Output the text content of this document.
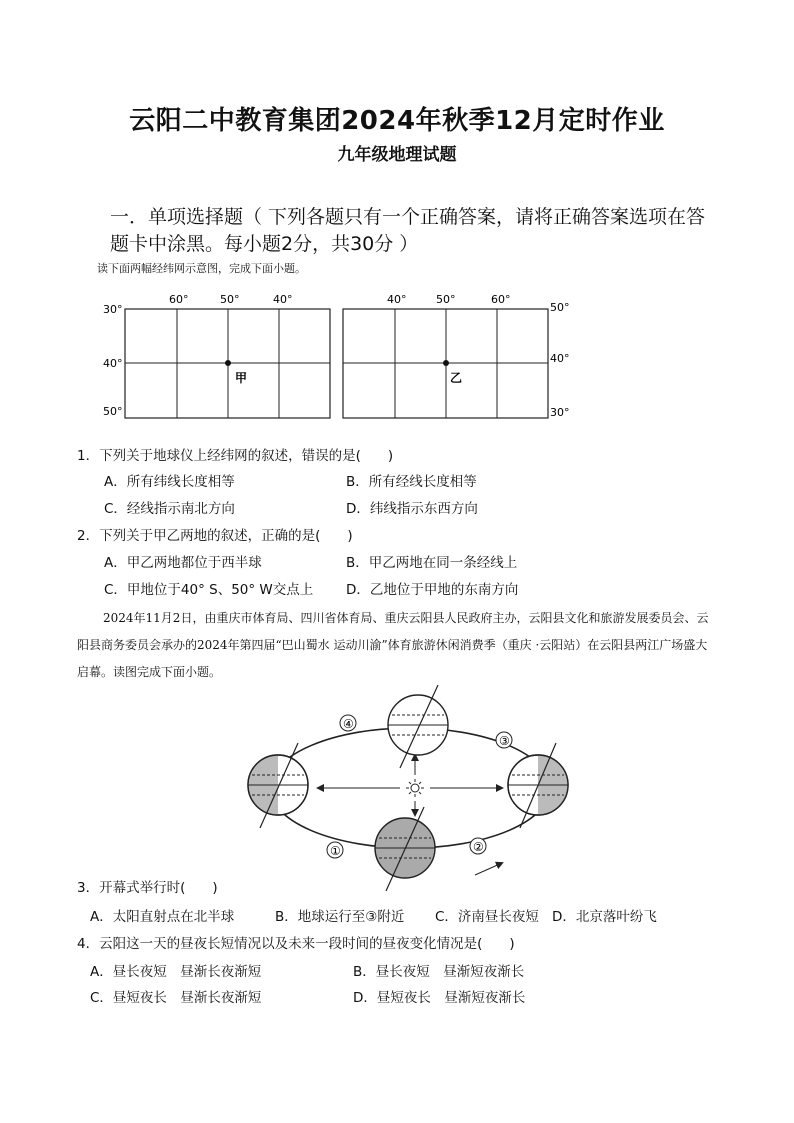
云阳二中教育集团2024年秋季12月定时作业
九年级地理试题
一．单项选择题（ 下列各题只有一个正确答案，请将正确答案选项在答题卡中涂黑。每小题2分，共30分 ）
读下面两幅经纬网示意图，完成下面小题。
60°	50°	40°
30°
40°
50°
甲
40°	50°	60°
50°
40°
30°
乙
1．下列关于地球仪上经纬网的叙述，错误的是(　　)
A．所有纬线长度相等	B．所有经线长度相等
C．经线指示南北方向	D．纬线指示东西方向
2．下列关于甲乙两地的叙述，正确的是(　　)
A．甲乙两地都位于西半球	B．甲乙两地在同一条经线上
C．甲地位于40° S、50° W交点上 D．乙地位于甲地的东南方向
2024年11月2日，由重庆市体育局、四川省体育局、重庆云阳县人民政府主办，云阳县文化和旅游发展委员会、云阳县商务委员会承办的2024年第四届“巴山蜀水 运动川渝”体育旅游休闲消费季（重庆 ·云阳站）在云阳县两江广场盛大启幕。读图完成下面小题。
④
③
②
①
3．开幕式举行时(　　)
A．太阳直射点在北半球	B．地球运行至③附近 C．济南昼长夜短 D．北京落叶纷飞
4．云阳这一天的昼夜长短情况以及未来一段时间的昼夜变化情况是(　　)
A．昼长夜短　昼渐长夜渐短	B．昼长夜短　昼渐短夜渐长
C．昼短夜长　昼渐长夜渐短	D．昼短夜长　昼渐短夜渐长
